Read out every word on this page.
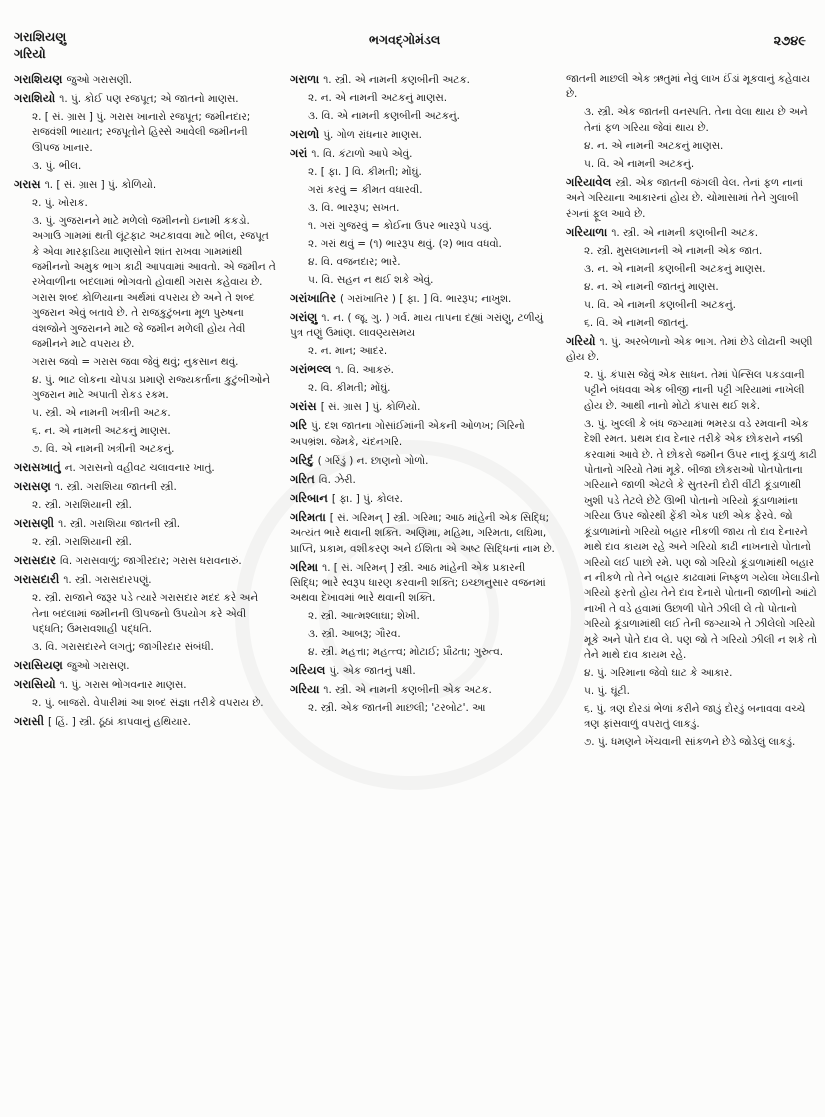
ગરાશિયણુ
ગરિયો
ભગવદ્ગોમંડલ	૨૭૪૯
ગરાશિયણ જુઓ ગરાસણી.
ગરાશિયો ૧. પું. કોઈ પણ રજપૂત; એ જાતનો માણસ.
૨. [ સં. ગ્રાસ ] પું. ગરાસ ખાનારો રજપૂત; જમીનદાર; રાજવંશી ભાયાત; રજપૂતોને હિસ્સે આવેલી જમીનની ઊપજ ખાનાર.
૩. પું. ભીલ.
ગરાસ ૧. [ સં. ગ્રાસ ] પું. કોળિયો.
૨. પું. ખોરાક.
૩. પું. ગુજરાનને માટે મળેલો જમીનનો ઇનામી કકડો. અગાઉ ગામમાં થતી લૂંટફાટ અટકાવવા માટે ભીલ, રજપૂત કે એવા મારફાડિયા માણસોને શાંત રાખવા ગામમાંથી જમીનનો અમુક ભાગ કાઢી આપવામાં આવતો. એ જમીન તે રખેવાળીના બદલામાં ભોગવતો હોવાથી ગરાસ કહેવાય છે. ગરાસ શબ્દ કોળિયાના અર્થમાં વપરાય છે અને તે શબ્દ ગુજરાન એવું બતાવે છે. તે રાજકુટુંબના મૂળ પુરુષના વંશજોને ગુજરાનને માટે જે જમીન મળેલી હોય તેવી જમીનને માટે વપરાય છે.
ગરાસ જવો = ગરાસ જવા જેવું થવું; નુકસાન થવું.
૪. પું. ભાટ લોકના ચોપડા પ્રમાણે રાજ્યકર્તાના કુટુંબીઓને ગુજરાન માટે અપાતી રોકડ રકમ.
૫. સ્ત્રી. એ નામની ખત્રીની અટક.
૬. ન. એ નામની અટકનું માણસ.
૭. વિ. એ નામની ખત્રીની અટકનું.
ગરાસખાતું ન. ગરાસનો વહીવટ ચલાવનાર ખાતું.
ગરાસણ ૧. સ્ત્રી. ગરાશિયા જાતની સ્ત્રી.
૨. સ્ત્રી. ગરાશિયાની સ્ત્રી.
ગરાસણી ૧. સ્ત્રી. ગરાશિયા જાતની સ્ત્રી.
૨. સ્ત્રી. ગરાશિયાની સ્ત્રી.
ગરાસદાર વિ. ગરાસવાળું; જાગીરદાર; ગરાસ ધરાવનારું.
ગરાસદારી ૧. સ્ત્રી. ગરાસદારપણું.
૨. સ્ત્રી. રાજાને જરૂર પડે ત્યારે ગરાસદાર મદદ કરે અને તેના બદલામાં જમીનની ઊપજનો ઉપયોગ કરે એવી પદ્ધતિ; ઉમરાવશાહી પદ્ધતિ.
૩. વિ. ગરાસદારને લગતું; જાગીરદાર સંબંધી.
ગરાસિયણ જુઓ ગરાસણ.
ગરાસિયો ૧. પું. ગરાસ ભોગવનાર માણસ.
૨. પું. બાજરો. વેપારીમાં આ શબ્દ સંજ્ઞા તરીકે વપરાય છે.
ગરાસી [ હિં. ] સ્ત્રી. ઠૂંઠાં કાપવાનું હથિયાર.
ગરાળા ૧. સ્ત્રી. એ નામની કણબીની અટક.
૨. ન. એ નામની અટકનું માણસ.
૩. વિ. એ નામની કણબીની અટકનું.
ગરાળો પું. ગોળ રાંધનાર માણસ.
ગરાં ૧. વિ. કંટાળો આપે એવું.
૨. [ ફા. ] વિ. કીમતી; મોંઘું.
ગરાં કરવું = કીમત વધારવી.
૩. વિ. ભારરૂપ; સખત.
૧. ગરાં ગુજરવું = કોઈના ઉપર ભારરૂપે પડવું.
૨. ગરાં થવું = (૧) ભારરૂપ થવું. (૨) ભાવ વધવો.
૪. વિ. વજનદાર; ભારે.
૫. વિ. સહન ન થઈ શકે એવું.
ગરાંખાતિર ( ગરાંખાતિર ) [ ફા. ] વિ. ભારરૂપ; નાખુશ.
ગરાંણુ ૧. ન. ( જૂ. ગુ. ) ગર્વ. માય તાપના દહ્યાં ગરાંણુ, ટળીયું પુત્ર તણું ઉમાંણ. લાવણ્યસમય
૨. ન. માન; આદર.
ગરાંભલ્લ ૧. વિ. આકરું.
૨. વિ. કીમતી; મોંઘું.
ગરાંસ [ સં. ગ્રાસ ] પું. કોળિયો.
ગરિ પું. દશ જાતના ગોસાંઈમાંની એકની ઓળખ; ગિરિનો અપભ્રંશ. જેમકે, ચંદનગરિ.
ગરિદું ( ગરિંડું ) ન. છાણનો ગોળો.
ગરિત વિ. ઝેરી.
ગરિબાન [ ફા. ] પું. કોલર.
ગરિમતા [ સં. ગરિમન્ ] સ્ત્રી. ગરિમા; આઠ માંહેની એક સિદ્ધિ; અત્યંત ભારે થવાની શક્તિ. અણિમા, મહિમા, ગરિમતા, લઘિમા, પ્રાપ્તિ, પ્રકામ, વશીકરણ અને ઈશિતા એ અષ્ટ સિદ્ધિનાં નામ છે.
ગરિમા ૧. [ સં. ગરિમન્ ] સ્ત્રી. આઠ માંહેની એક પ્રકારની સિદ્ધિ; ભારે સ્વરૂપ ધારણ કરવાની શક્તિ; ઇચ્છાનુસાર વજનમાં અથવા દેખાવમાં ભારે થવાની શક્તિ.
૨. સ્ત્રી. આત્મશ્લાઘા; શેખી.
૩. સ્ત્રી. આબરૂ; ગૌરવ.
૪. સ્ત્રી. મહત્તા; મહત્ત્વ; મોટાઈ; પ્રૌઢતા; ગુરુત્વ.
ગરિયલ પું. એક જાતનું પક્ષી.
ગરિયા ૧. સ્ત્રી. એ નામની કણબીની એક અટક.
૨. સ્ત્રી. એક જાતની માછલી; 'ટરબોટ'. આ
જાતની માછલી એક ઋતુમાં નેવું લાખ ઈંડાં મૂકવાનું કહેવાય છે.
૩. સ્ત્રી. એક જાતની વનસ્પતિ. તેના વેલા થાય છે અને તેનાં ફળ ગરિયા જેવાં થાય છે.
૪. ન. એ નામની અટકનું માણસ.
૫. વિ. એ નામની અટકનું.
ગરિયાવેલ સ્ત્રી. એક જાતની જંગલી વેલ. તેનાં ફળ નાનાં અને ગરિયાના આકારનાં હોય છે. ચોમાસામાં તેને ગુલાબી રંગનાં ફૂલ આવે છે.
ગરિયાળા ૧. સ્ત્રી. એ નામની કણબીની અટક.
૨. સ્ત્રી. મુસલમાનની એ નામની એક જાત.
૩. ન. એ નામની કણબીની અટકનું માણસ.
૪. ન. એ નામની જાતનું માણસ.
૫. વિ. એ નામની કણબીની અટકનું.
૬. વિ. એ નામની જાતનું.
ગરિયો ૧. પું. અરબેળાનો એક ભાગ. તેમાં છેડે લોઢાની અણી હોય છે.
૨. પું. કંપાસ જેવું એક સાધન. તેમાં પેન્સિલ પકડવાની પટ્ટીને બંધવવા એક બીજી નાની પટ્ટી ગરિયામાં નાખેલી હોય છે. આથી નાનો મોટો કંપાસ થઈ શકે.
૩. પું. ખુલ્લી કે બંધ જગ્યામાં ભમરડા વડે રમવાની એક દેશી રમત. પ્રથમ દાવ દેનાર તરીકે એક છોકરાને નક્કી કરવામાં આવે છે. તે છોકરો જમીન ઉપર નાનું કૂંડાળું કાઢી પોતાનો ગરિયો તેમાં મૂકે. બીજા છોકરાઓ પોતપોતાના ગરિયાને જાળી એટલે કે સુતરની દોરી વીંટી કૂંડાળાથી ખુશી પડે તેટલે છેટે ઊભી પોતાનો ગરિયો કૂંડાળામાંના ગરિયા ઉપર જોરથી ફેંકી એક પછી એક ફેરવે. જો કૂંડાળામાંનો ગરિયો બહાર નીકળી જાય તો દાવ દેનારને માથે દાવ કાયમ રહે અને ગરિયો કાઢી નાખનારો પોતાનો ગરિયો લઈ પાછો રમે. પણ જો ગરિયો કૂંડાળામાંથી બહાર ન નીકળે તો તેને બહાર કાઢવામાં નિષ્ફળ ગયેલા ખેલાડીનો ગરિયો ફરતો હોય તેને દાવ દેનારો પોતાની જાળીનો આંટો નાખી તે વડે હવામાં ઉછાળી પોતે ઝીલી લે તો પોતાનો ગરિયો કૂંડાળામાંથી લઈ તેની જગ્યાએ તે ઝીલેલો ગરિયો મૂકે અને પોતે દાવ લે. પણ જો તે ગરિયો ઝીલી ન શકે તો તેને માથે દાવ કાયમ રહે.
૪. પું. ગરિમાના જેવો ઘાટ કે આકાર.
૫. પું. ઘૂંટી.
૬. પું. ત્રણ દોરડાં ભેળાં કરીને જાડું દોરડું બનાવવા વચ્ચે ત્રણ ફાંસવાળું વપરાતું લાકડું.
૭. પું. ધમણને ખેંચવાની સાંકળને છેડે જોડેલું લાકડું.
